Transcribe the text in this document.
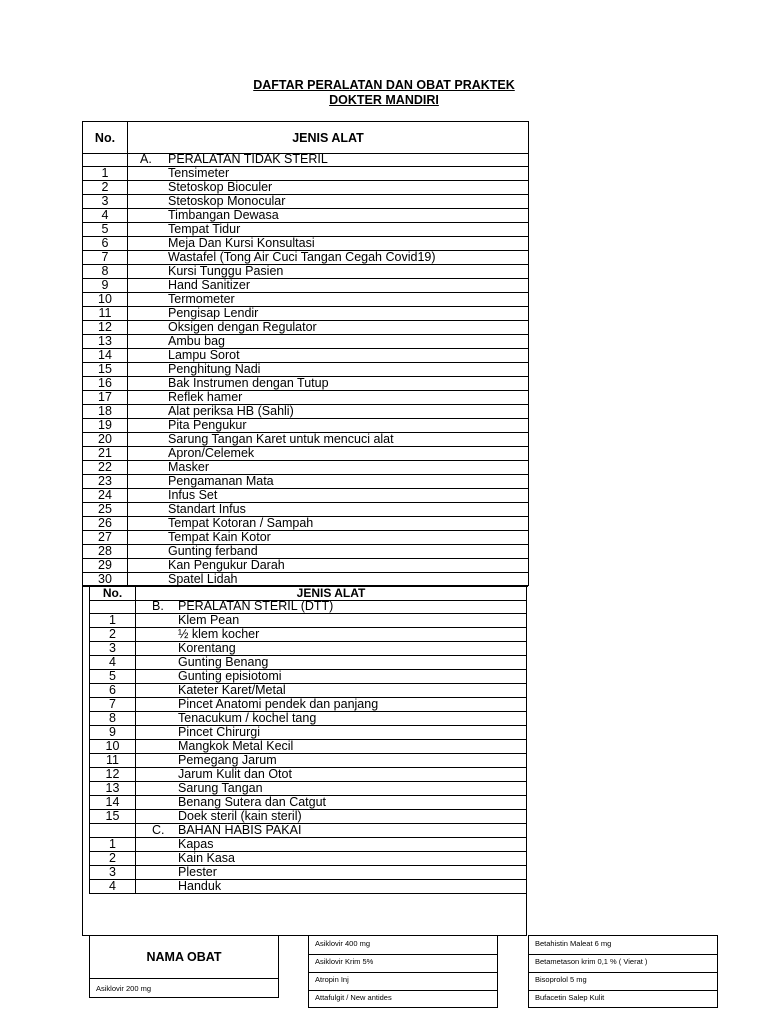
DAFTAR PERALATAN DAN OBAT PRAKTEK
DOKTER MANDIRI
No.	JENIS ALAT
A. PERALATAN TIDAK STERIL
1	Tensimeter
2	Stetoskop Bioculer
3	Stetoskop Monocular
4	Timbangan Dewasa
5	Tempat Tidur
6	Meja Dan Kursi Konsultasi
7	Wastafel (Tong Air Cuci Tangan Cegah Covid19)
8	Kursi Tunggu Pasien
9	Hand Sanitizer
10	Termometer
11	Pengisap Lendir
12	Oksigen dengan Regulator
13	Ambu bag
14	Lampu Sorot
15	Penghitung Nadi
16	Bak Instrumen dengan Tutup
17	Reflek hamer
18	Alat periksa HB (Sahli)
19	Pita Pengukur
20	Sarung Tangan Karet untuk mencuci alat
21	Apron/Celemek
22	Masker
23	Pengamanan Mata
24	Infus Set
25	Standart Infus
26	Tempat Kotoran / Sampah
27	Tempat Kain Kotor
28	Gunting ferband
29	Kan Pengukur Darah
30	Spatel Lidah
No.	JENIS ALAT
B. PERALATAN STERIL (DTT)
1	Klem Pean
2	½ klem kocher
3	Korentang
4	Gunting Benang
5	Gunting episiotomi
6	Kateter Karet/Metal
7	Pincet Anatomi pendek dan panjang
8	Tenacukum / kochel tang
9	Pincet Chirurgi
10	Mangkok Metal Kecil
11	Pemegang Jarum
12	Jarum Kulit dan Otot
13	Sarung Tangan
14	Benang Sutera dan Catgut
15	Doek steril (kain steril)
C. BAHAN HABIS PAKAI
1	Kapas
2	Kain Kasa
3	Plester
4	Handuk
NAMA OBAT
Asiklovir 200 mg
Asiklovir 400 mg
Asiklovir Krim 5%
Atropin Inj
Attafulgit / New antides
Betahistin Maleat 6 mg
Betametason krim 0,1 % ( Vierat )
Bisoprolol 5 mg
Bufacetin Salep Kulit
